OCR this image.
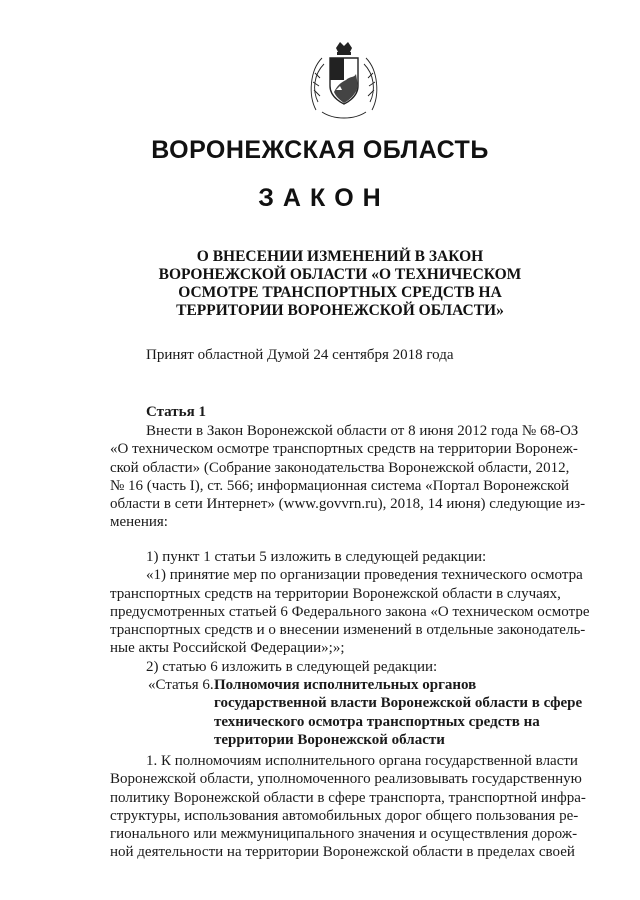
ВОРОНЕЖСКАЯ ОБЛАСТЬ
ЗАКОН
О ВНЕСЕНИИ ИЗМЕНЕНИЙ В ЗАКОН
ВОРОНЕЖСКОЙ ОБЛАСТИ «О ТЕХНИЧЕСКОМ
ОСМОТРЕ ТРАНСПОРТНЫХ СРЕДСТВ НА
ТЕРРИТОРИИ ВОРОНЕЖСКОЙ ОБЛАСТИ»
Принят областной Думой 24 сентября 2018 года
Статья 1
Внести в Закон Воронежской области от 8 июня 2012 года № 68-ОЗ
«О техническом осмотре транспортных средств на территории Воронеж-
ской области» (Собрание законодательства Воронежской области, 2012,
№ 16 (часть I), ст. 566; информационная система «Портал Воронежской
области в сети Интернет» (www.govvrn.ru), 2018, 14 июня) следующие из-
менения:
1) пункт 1 статьи 5 изложить в следующей редакции:
«1) принятие мер по организации проведения технического осмотра
транспортных средств на территории Воронежской области в случаях,
предусмотренных статьей 6 Федерального закона «О техническом осмотре
транспортных средств и о внесении изменений в отдельные законодатель-
ные акты Российской Федерации»;»;
2) статью 6 изложить в следующей редакции:
«Статья 6. Полномочия исполнительных органов
государственной власти Воронежской области в сфере
технического осмотра транспортных средств на
территории Воронежской области
1. К полномочиям исполнительного органа государственной власти
Воронежской области, уполномоченного реализовывать государственную
политику Воронежской области в сфере транспорта, транспортной инфра-
структуры, использования автомобильных дорог общего пользования ре-
гионального или межмуниципального значения и осуществления дорож-
ной деятельности на территории Воронежской области в пределах своей
